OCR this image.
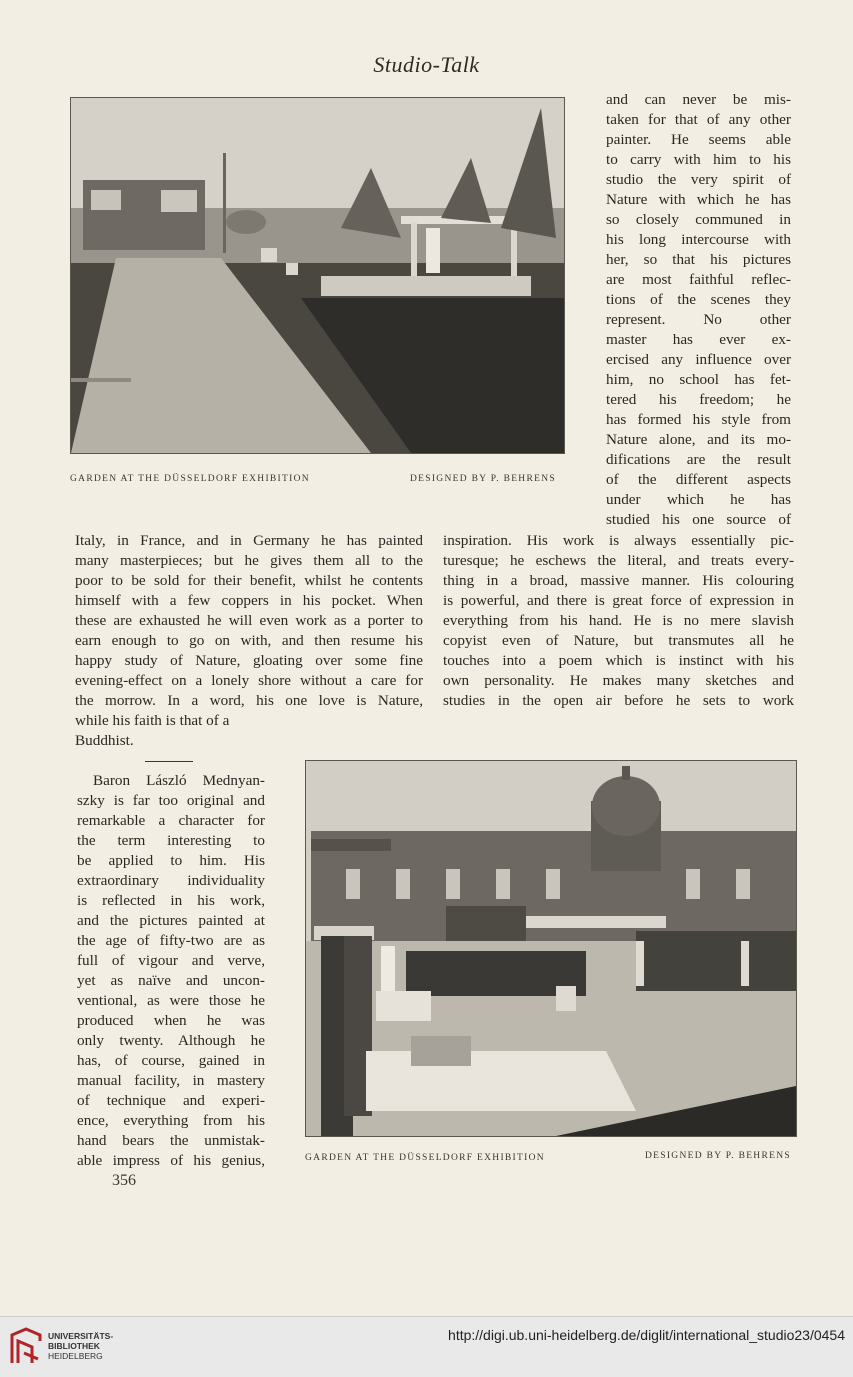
Studio-Talk
GARDEN AT THE DÜSSELDORF EXHIBITION	DESIGNED BY P. BEHRENS
and can never be mis-
taken for that of any other
painter. He seems able
to carry with him to his
studio the very spirit of
Nature with which he has
so closely communed in
his long intercourse with
her, so that his pictures
are most faithful reflec-
tions of the scenes they
represent. No other
master has ever ex-
ercised any influence over
him, no school has fet-
tered his freedom; he
has formed his style from
Nature alone, and its mo-
difications are the result
of the different aspects
under which he has
studied his one source of
Italy, in France, and in Germany he has painted
many masterpieces; but he gives them all to the
poor to be sold for their benefit, whilst he contents
himself with a few coppers in his pocket. When
these are exhausted he will even work as a porter to
earn enough to go on with, and then resume his
happy study of Nature, gloating over some fine
evening-effect on a lonely shore without a care for
the morrow. In a word, his one love is Nature,
while his faith is that of a
Buddhist.
inspiration. His work is always essentially pic-
turesque; he eschews the literal, and treats every-
thing in a broad, massive manner. His colouring
is powerful, and there is great force of expression in
everything from his hand. He is no mere slavish
copyist even of Nature, but transmutes all he
touches into a poem which is instinct with his
own personality. He makes many sketches and
studies in the open air before he sets to work
Baron László Mednyan-
szky is far too original and
remarkable a character for
the term interesting to
be applied to him. His
extraordinary individuality
is reflected in his work,
and the pictures painted at
the age of fifty-two are as
full of vigour and verve,
yet as naïve and uncon-
ventional, as were those he
produced when he was
only twenty. Although he
has, of course, gained in
manual facility, in mastery
of technique and experi-
ence, everything from his
hand bears the unmistak-
able impress of his genius,	GARDEN AT THE DÜSSELDORF EXHIBITION	DESIGNED BY P. BEHRENS
356
UNIVERSITÄTS-
BIBLIOTHEK
HEIDELBERG
http://digi.ub.uni-heidelberg.de/diglit/international_studio23/0454
